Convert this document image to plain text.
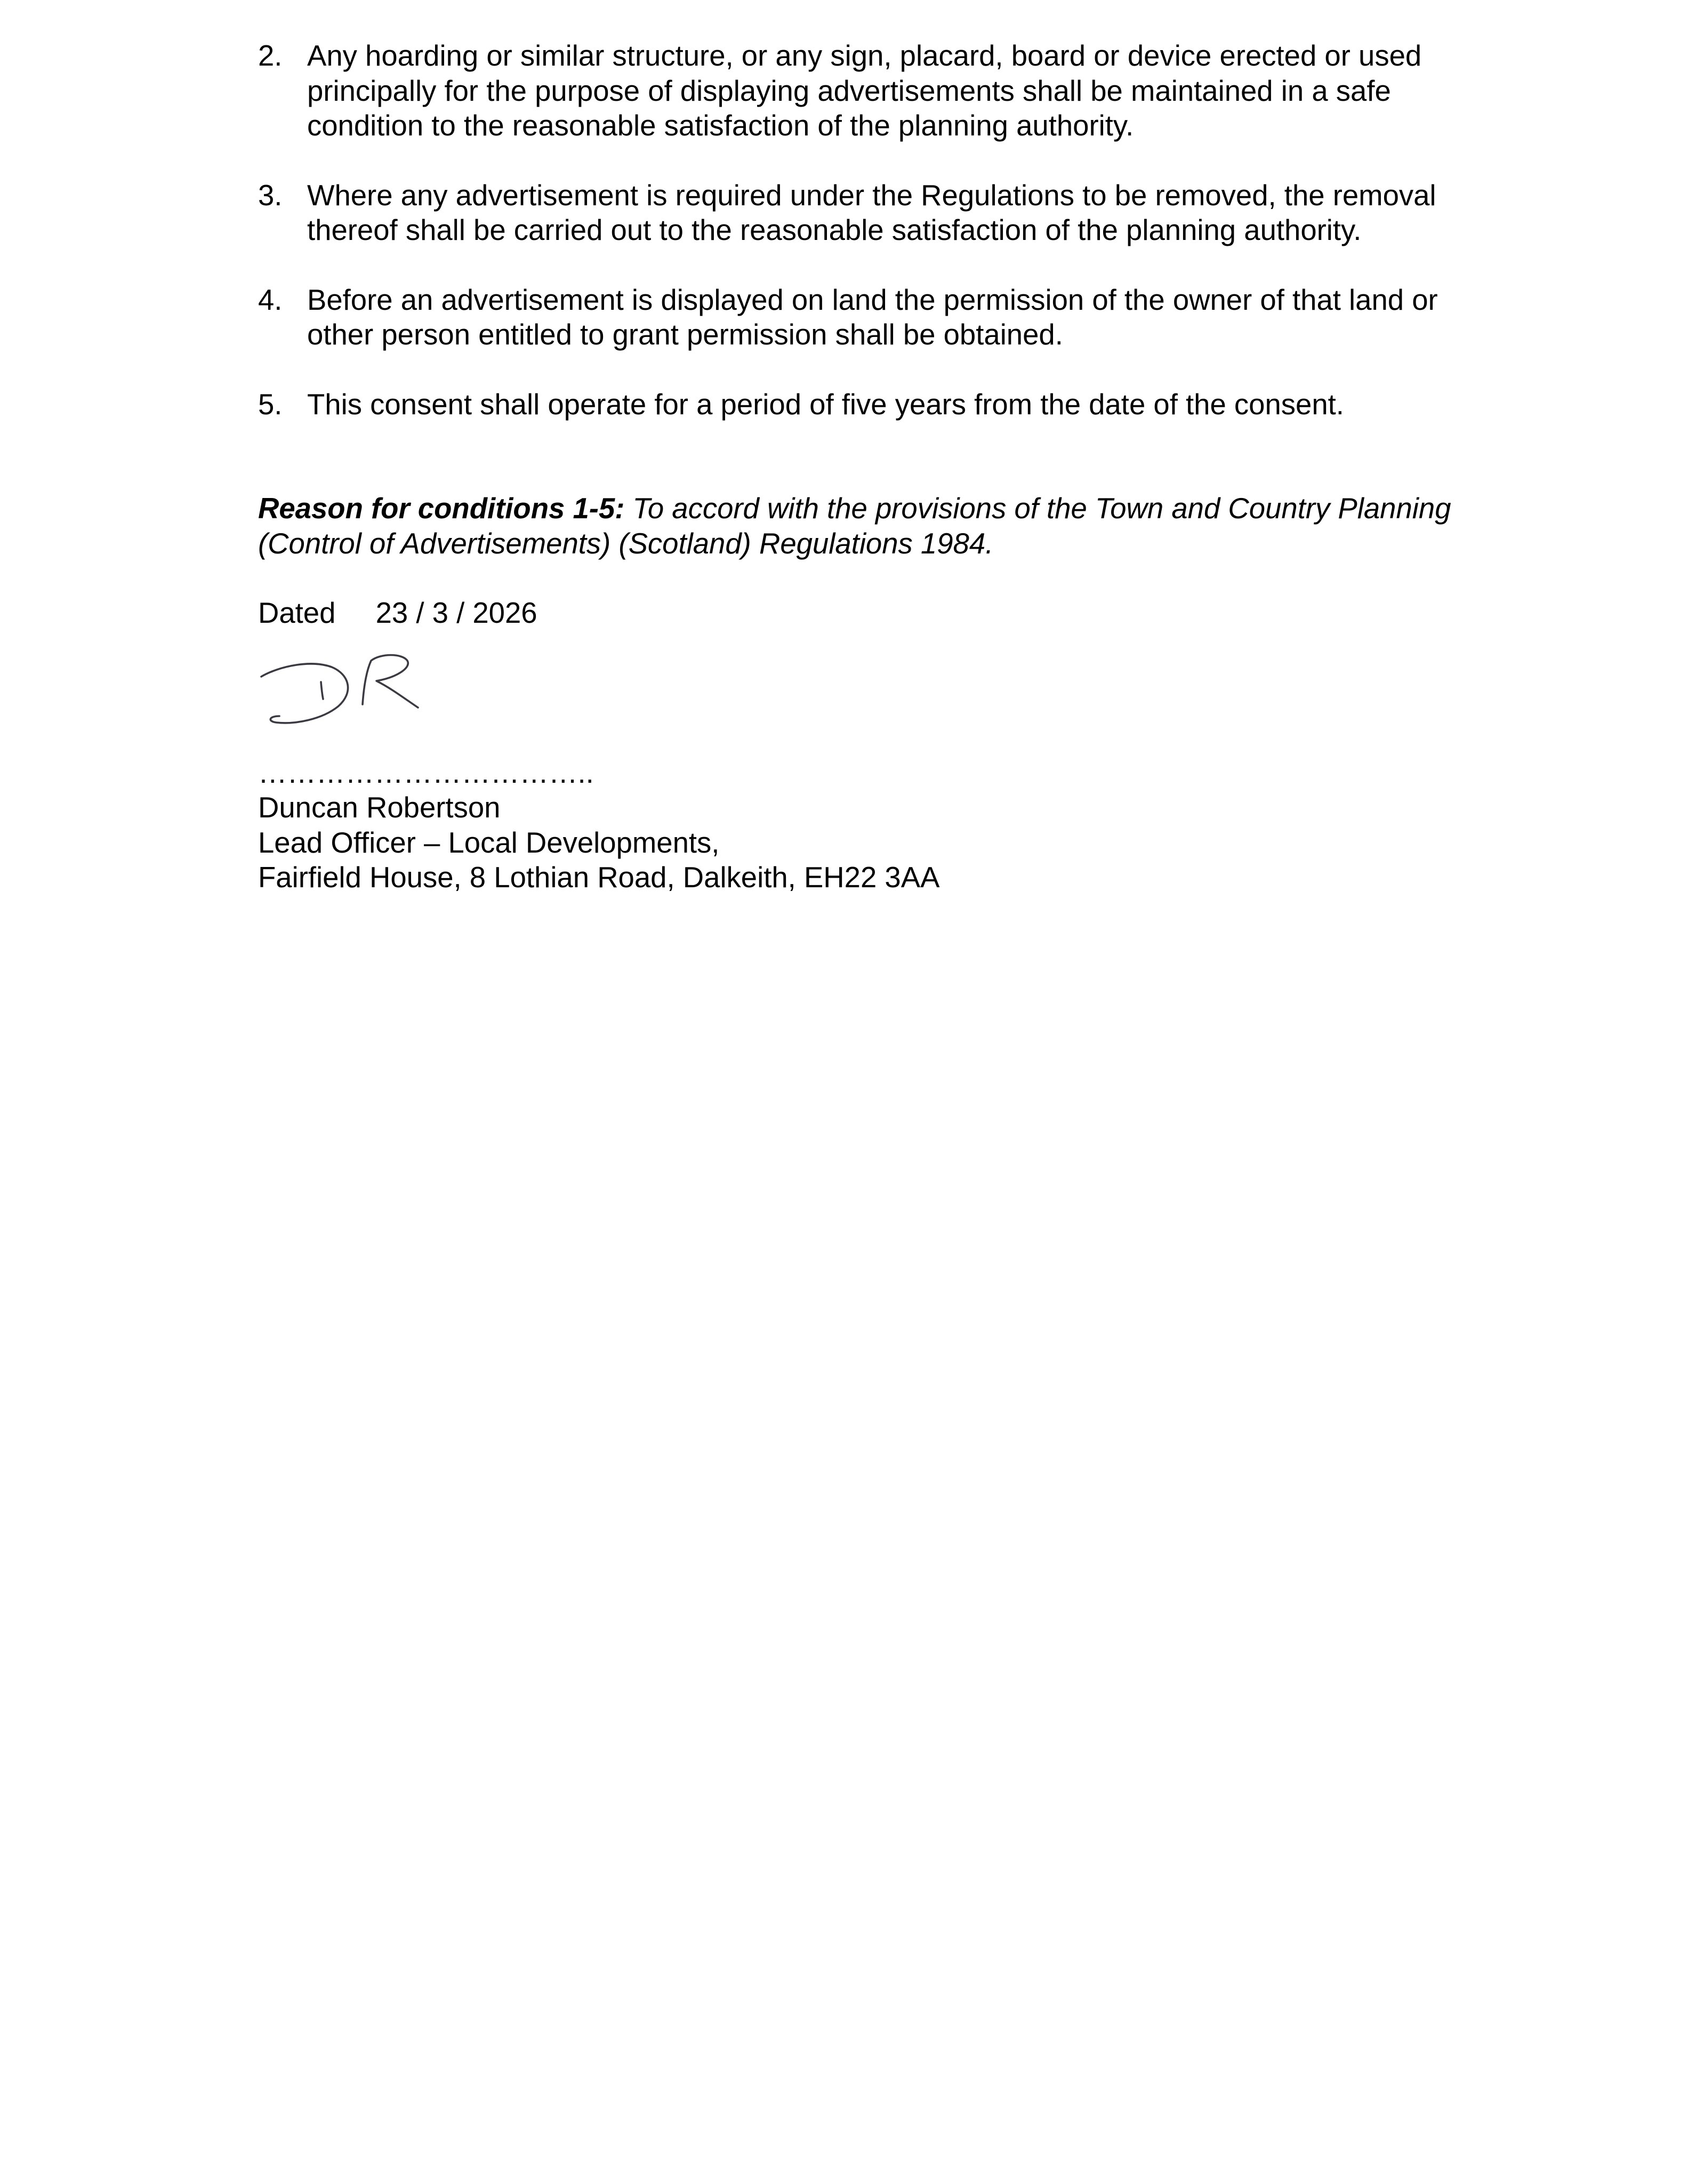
2. Any hoarding or similar structure, or any sign, placard, board or device erected or used principally for the purpose of displaying advertisements shall be maintained in a safe condition to the reasonable satisfaction of the planning authority.
3. Where any advertisement is required under the Regulations to be removed, the removal thereof shall be carried out to the reasonable satisfaction of the planning authority.
4. Before an advertisement is displayed on land the permission of the owner of that land or other person entitled to grant permission shall be obtained.
5. This consent shall operate for a period of five years from the date of the consent.
Reason for conditions 1-5: To accord with the provisions of the Town and Country Planning (Control of Advertisements) (Scotland) Regulations 1984.
Dated 23 / 3 / 2026
……………………………..
Duncan Robertson
Lead Officer – Local Developments,
Fairfield House, 8 Lothian Road, Dalkeith, EH22 3AA
